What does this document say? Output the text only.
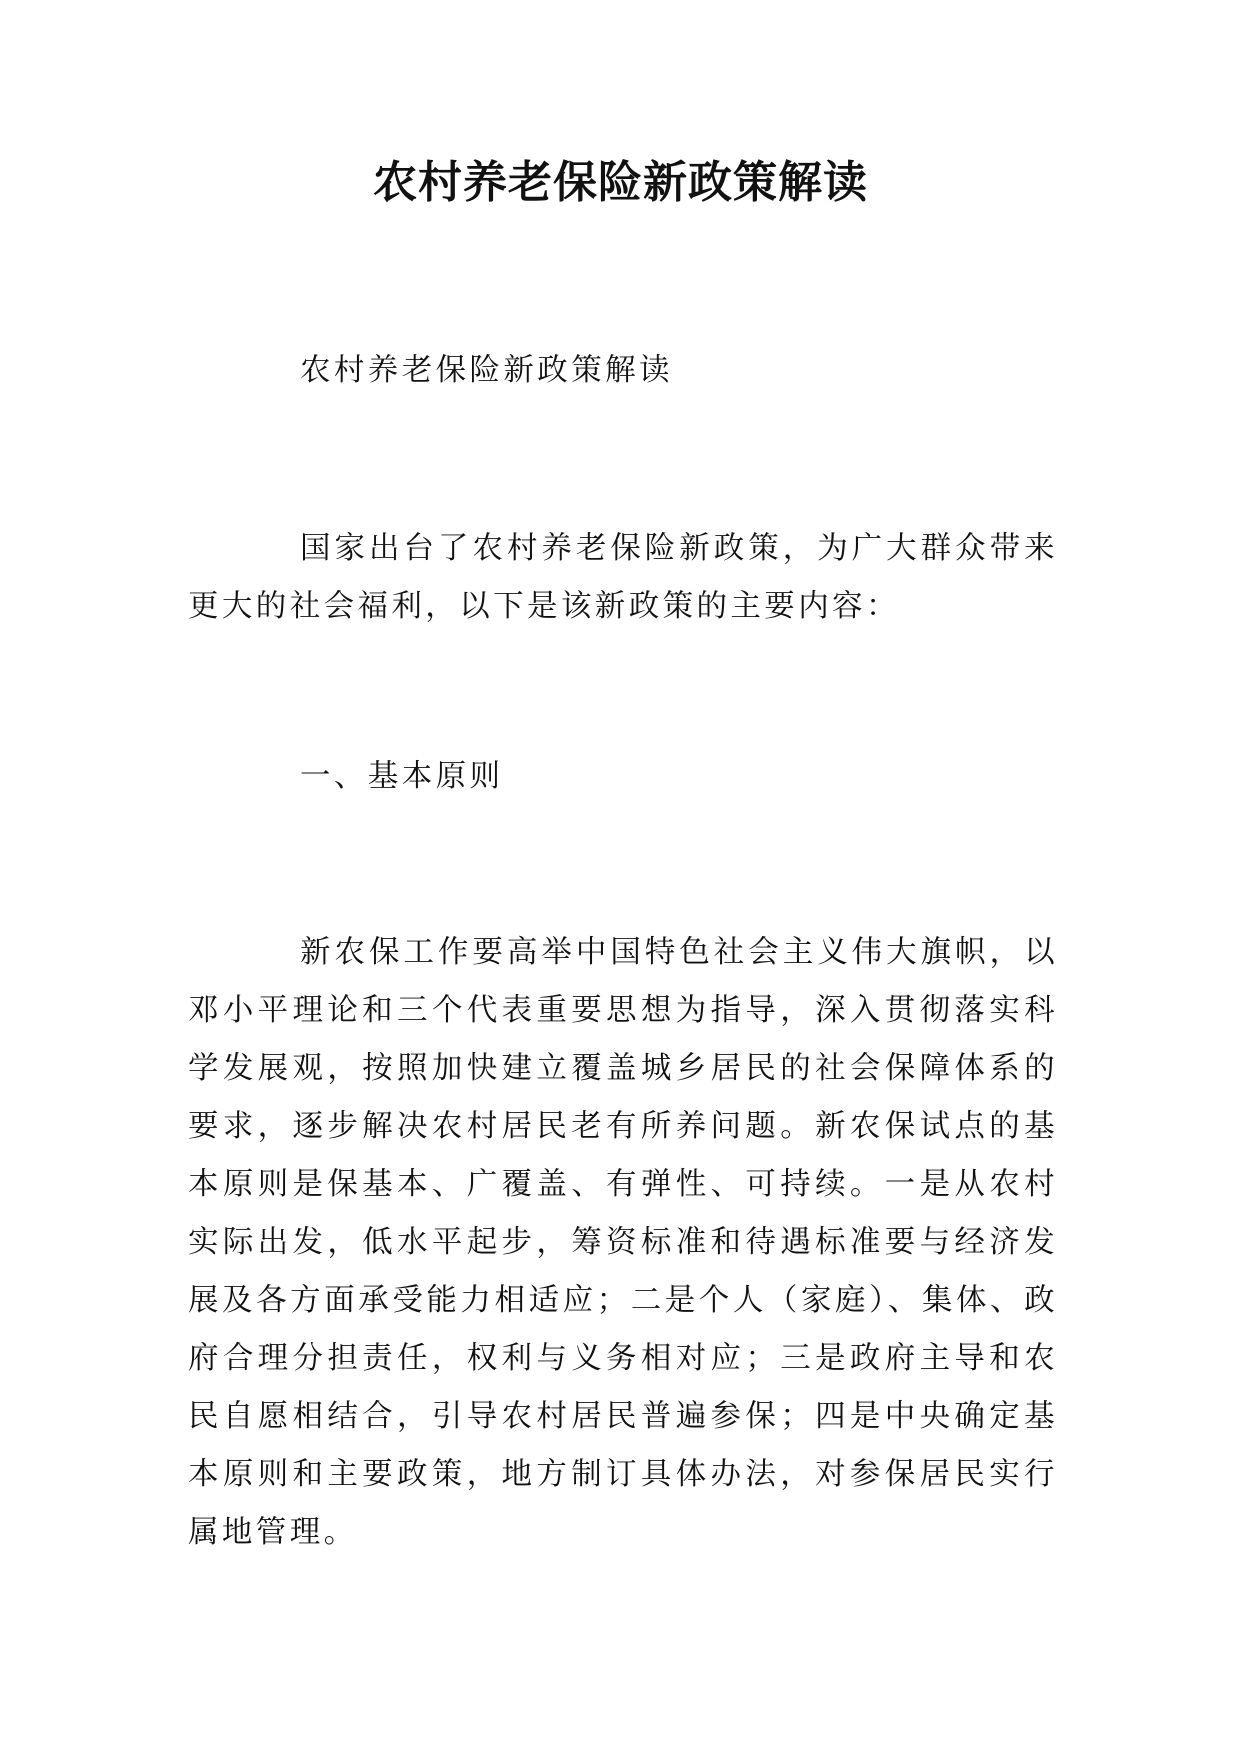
农村养老保险新政策解读

农村养老保险新政策解读

国家出台了农村养老保险新政策，为广大群众带来更大的社会福利，以下是该新政策的主要内容：

一、基本原则

新农保工作要高举中国特色社会主义伟大旗帜，以邓小平理论和三个代表重要思想为指导，深入贯彻落实科学发展观，按照加快建立覆盖城乡居民的社会保障体系的要求，逐步解决农村居民老有所养问题。新农保试点的基本原则是保基本、广覆盖、有弹性、可持续。一是从农村实际出发，低水平起步，筹资标准和待遇标准要与经济发展及各方面承受能力相适应；二是个人（家庭）、集体、政府合理分担责任，权利与义务相对应；三是政府主导和农民自愿相结合，引导农村居民普遍参保；四是中央确定基本原则和主要政策，地方制订具体办法，对参保居民实行属地管理。
